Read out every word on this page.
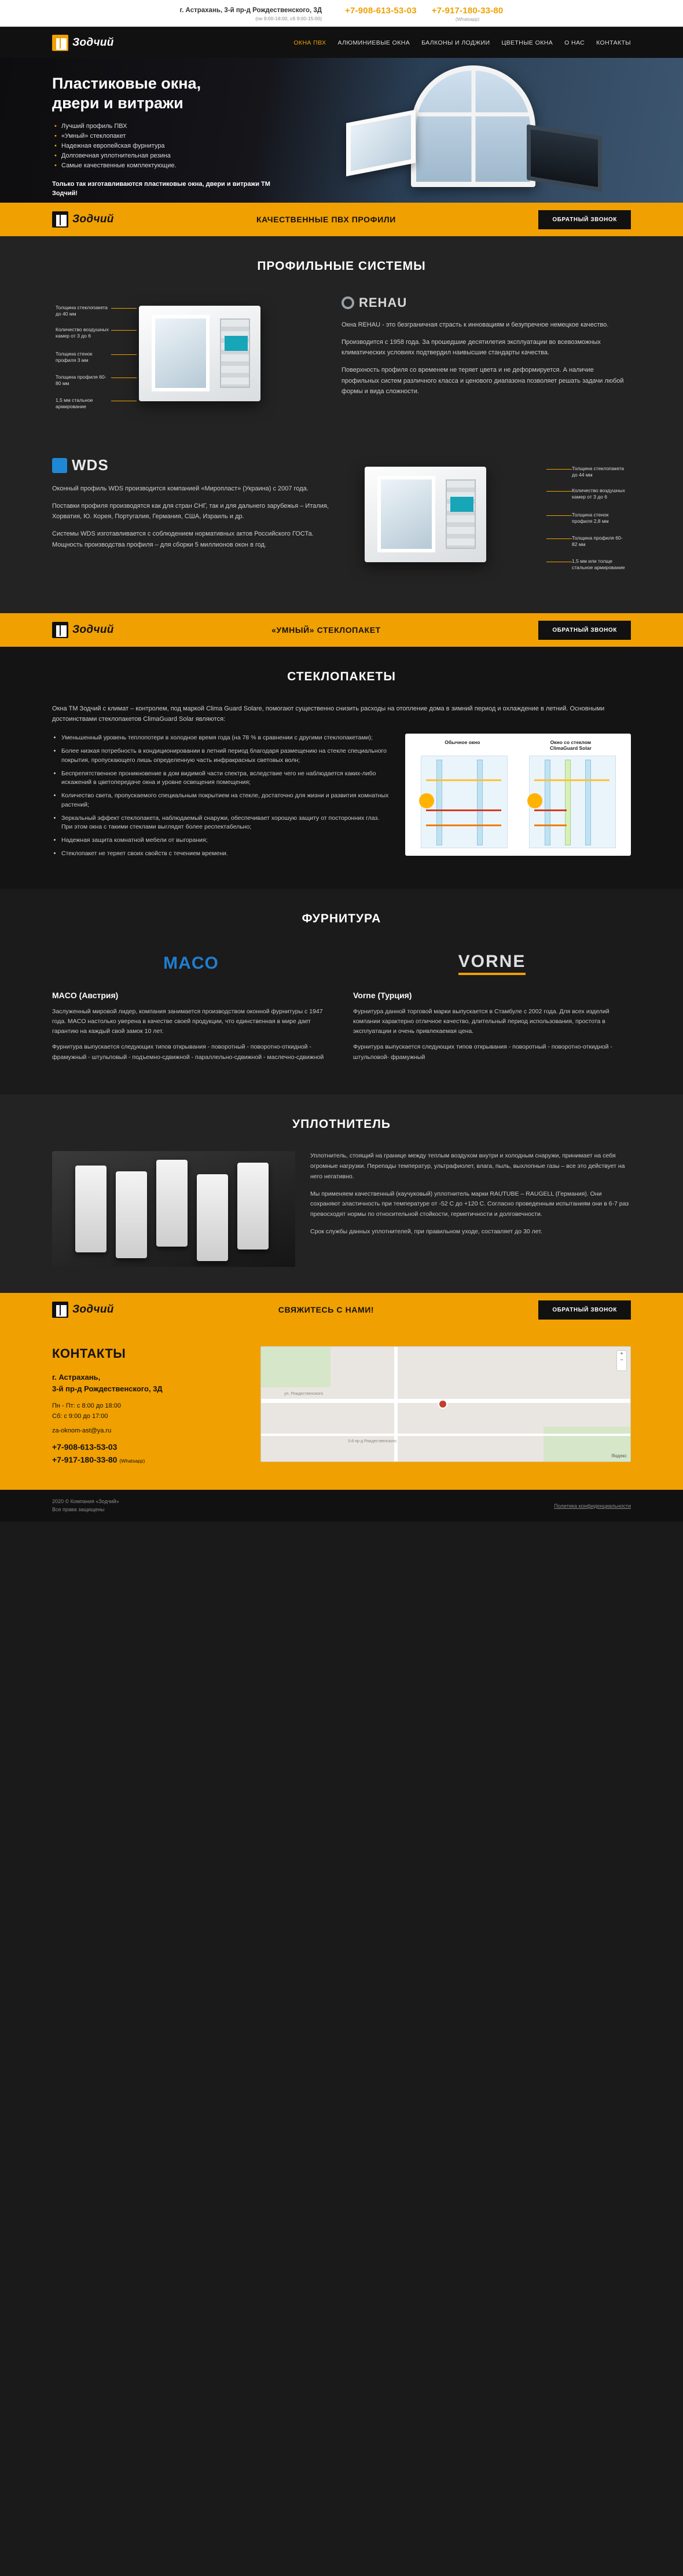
г. Астрахань, 3-й пр-д Рождественского, 3Д
(пн 9:00-18:00, сб 9:00-15:00)
+7-908-613-53-03 +7-917-180-33-80
(Whatsapp)
Зодчий	ОКНА ПВХ АЛЮМИНИЕВЫЕ ОКНА БАЛКОНЫ И ЛОДЖИИ ЦВЕТНЫЕ ОКНА О НАС КОНТАКТЫ
Пластиковые окна,
двери и витражи
• Лучший профиль ПВХ
• «Умный» стеклопакет
• Надежная европейская фурнитура
• Долговечная уплотнительная резина
• Самые качественные комплектующие.
Только так изготавливаются пластиковые окна, двери и витражи ТМ Зодчий!
Зодчий	КАЧЕСТВЕННЫЕ ПВХ ПРОФИЛИ	ОБРАТНЫЙ ЗВОНОК
ПРОФИЛЬНЫЕ СИСТЕМЫ
Толщина стеклопакета до 40 мм
Количество воздушных камер от 3 до 6
Толщина стенок профиля 3 мм
Толщина профиля 60-80 мм
1,5 мм стальное армирование
REHAU

Окна REHAU - это безграничная страсть к инновациям и безупречное немецкое качество.

Производится с 1958 года. За прошедшие десятилетия эксплуатации во всевозможных климатических условиях подтвердил наивысшие стандарты качества.

Поверхность профиля со временем не теряет цвета и не деформируется. А наличие профильных систем различного класса и ценового диапазона позволяет решать задачи любой формы и вида сложности.

Толщина стеклопакета до 44 мм
Количество воздушных камер от 3 до 6
Толщина стенок профиля 2,8 мм
Толщина профиля 60-82 мм
1,5 мм или толще стальное армирование
WDS

Оконный профиль WDS производится компанией «Миропласт» (Украина) с 2007 года.

Поставки профиля производятся как для стран СНГ, так и для дальнего зарубежья – Италия, Хорватия, Ю. Корея, Португалия, Германия, США, Израиль и др.

Системы WDS изготавливается с соблюдением нормативных актов Российского ГОСТа. Мощность производства профиля – для сборки 5 миллионов окон в год.

Зодчий	«УМНЫЙ» СТЕКЛОПАКЕТ	ОБРАТНЫЙ ЗВОНОК
СТЕКЛОПАКЕТЫ

Окна ТМ Зодчий с климат – контролем, под маркой Clima Guard Solare, помогают существенно снизить расходы на отопление дома в зимний период и охлаждение в летний. Основными достоинствами стеклопакетов ClimaGuard Solar являются:

• Уменьшенный уровень теплопотери в холодное время года (на 78 % в сравнении с другими стеклопакетами);
• Более низкая потребность в кондиционировании в летний период благодаря размещению на стекле специального покрытия, пропускающего лишь определенную часть инфракрасных световых волн;
• Беспрепятственное проникновение в дом видимой части спектра, вследствие чего не наблюдается каких-либо искажений в цветопередаче окна и уровне освещения помещения;
• Количество света, пропускаемого специальным покрытием на стекле, достаточно для жизни и развития комнатных растений;
• Зеркальный эффект стеклопакета, наблюдаемый снаружи, обеспечивает хорошую защиту от посторонних глаз. При этом окна с такими стеклами выглядят более респектабельно;
• Надежная защита комнатной мебели от выгорания;
• Стеклопакет не теряет своих свойств с течением времени.
Обычное окно	Окно со стеклом
ClimaGuard Solar
ФУРНИТУРА
MACO
MACO (Австрия)

Заслуженный мировой лидер, компания занимается производством оконной фурнитуры с 1947 года. MACO настолько уверена в качестве своей продукции, что единственная в мире дает гарантию на каждый свой замок 10 лет.

Фурнитура выпускается следующих типов открывания - поворотный - поворотно-откидной - фрамужный - штульповый - подъемно-сдвижной - параллельно-сдвижной - маслечно-сдвижной

VORNE
Vorne (Турция)

Фурнитура данной торговой марки выпускается в Стамбуле с 2002 года. Для всех изделий компании характерно отличное качество, длительный период использования, простота в эксплуатации и очень привлекаемая цена.

Фурнитура выпускается следующих типов открывания - поворотный - поворотно-откидной - штульповой- фрамужный

УПЛОТНИТЕЛЬ

Уплотнитель, стоящий на границе между теплым воздухом внутри и холодным снаружи, принимает на себя огромные нагрузки. Перепады температур, ультрафиолет, влага, пыль, выхлопные газы – все это действует на него негативно.

Мы применяем качественный (каучуковый) уплотнитель марки RAUTUBE – RAUGELL (Германия). Они сохраняют эластичность при температуре от -52 С до +120 С. Согласно проведенным испытаниям они в 6-7 раз превосходят нормы по относительной стойкости, герметичности и долговечности.

Срок службы данных уплотнителей, при правильном уходе, составляет до 30 лет.

Зодчий	СВЯЖИТЕСЬ С НАМИ!	ОБРАТНЫЙ ЗВОНОК
КОНТАКТЫ
г. Астрахань,
3-й пр-д Рождественского, 3Д
Пн - Пт: с 8:00 до 18:00
Сб: с 9:00 до 17:00
za-oknom-ast@ya.ru
+7-908-613-53-03
+7-917-180-33-80 (Whatsapp)
ул. Рождественского
3-й пр-д Рождественского
+
−
Яндекс
2020 © Компания «Зодчий»
Все права защищены
Политика конфиденциальности
